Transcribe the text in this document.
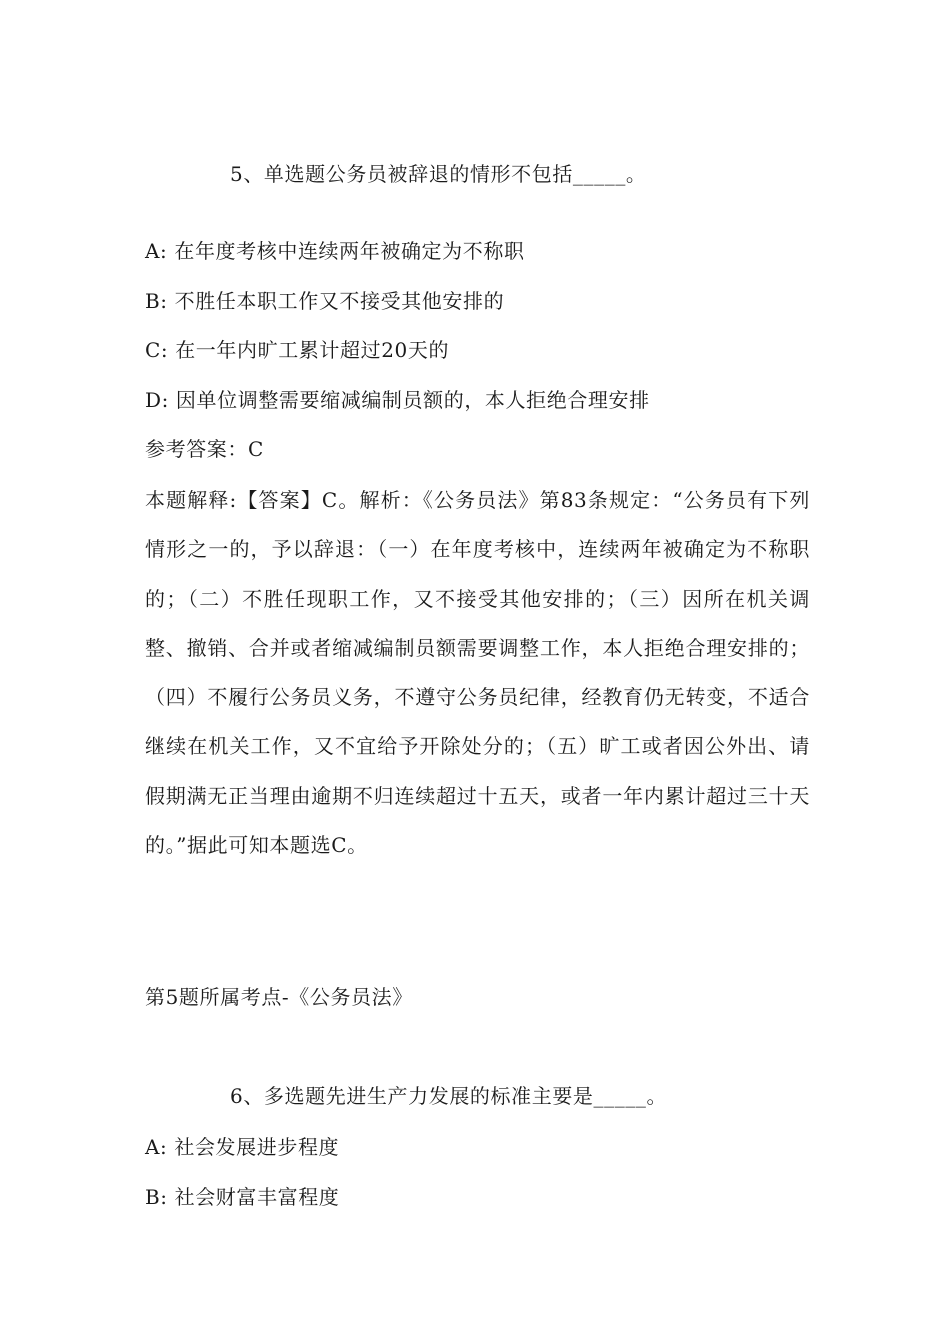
5、单选题公务员被辞退的情形不包括_____。
A: 在年度考核中连续两年被确定为不称职
B: 不胜任本职工作又不接受其他安排的
C: 在一年内旷工累计超过20天的
D: 因单位调整需要缩减编制员额的，本人拒绝合理安排
参考答案：C

本题解释:【答案】C。解析：《公务员法》第83条规定：“公务员有下列情形之一的，予以辞退：（一）在年度考核中，连续两年被确定为不称职的；（二）不胜任现职工作，又不接受其他安排的；（三）因所在机关调整、撤销、合并或者缩减编制员额需要调整工作，本人拒绝合理安排的；（四）不履行公务员义务，不遵守公务员纪律，经教育仍无转变，不适合继续在机关工作，又不宜给予开除处分的；（五）旷工或者因公外出、请假期满无正当理由逾期不归连续超过十五天，或者一年内累计超过三十天的。”据此可知本题选C。

第5题所属考点-《公务员法》
6、多选题先进生产力发展的标准主要是_____。
A: 社会发展进步程度
B: 社会财富丰富程度
